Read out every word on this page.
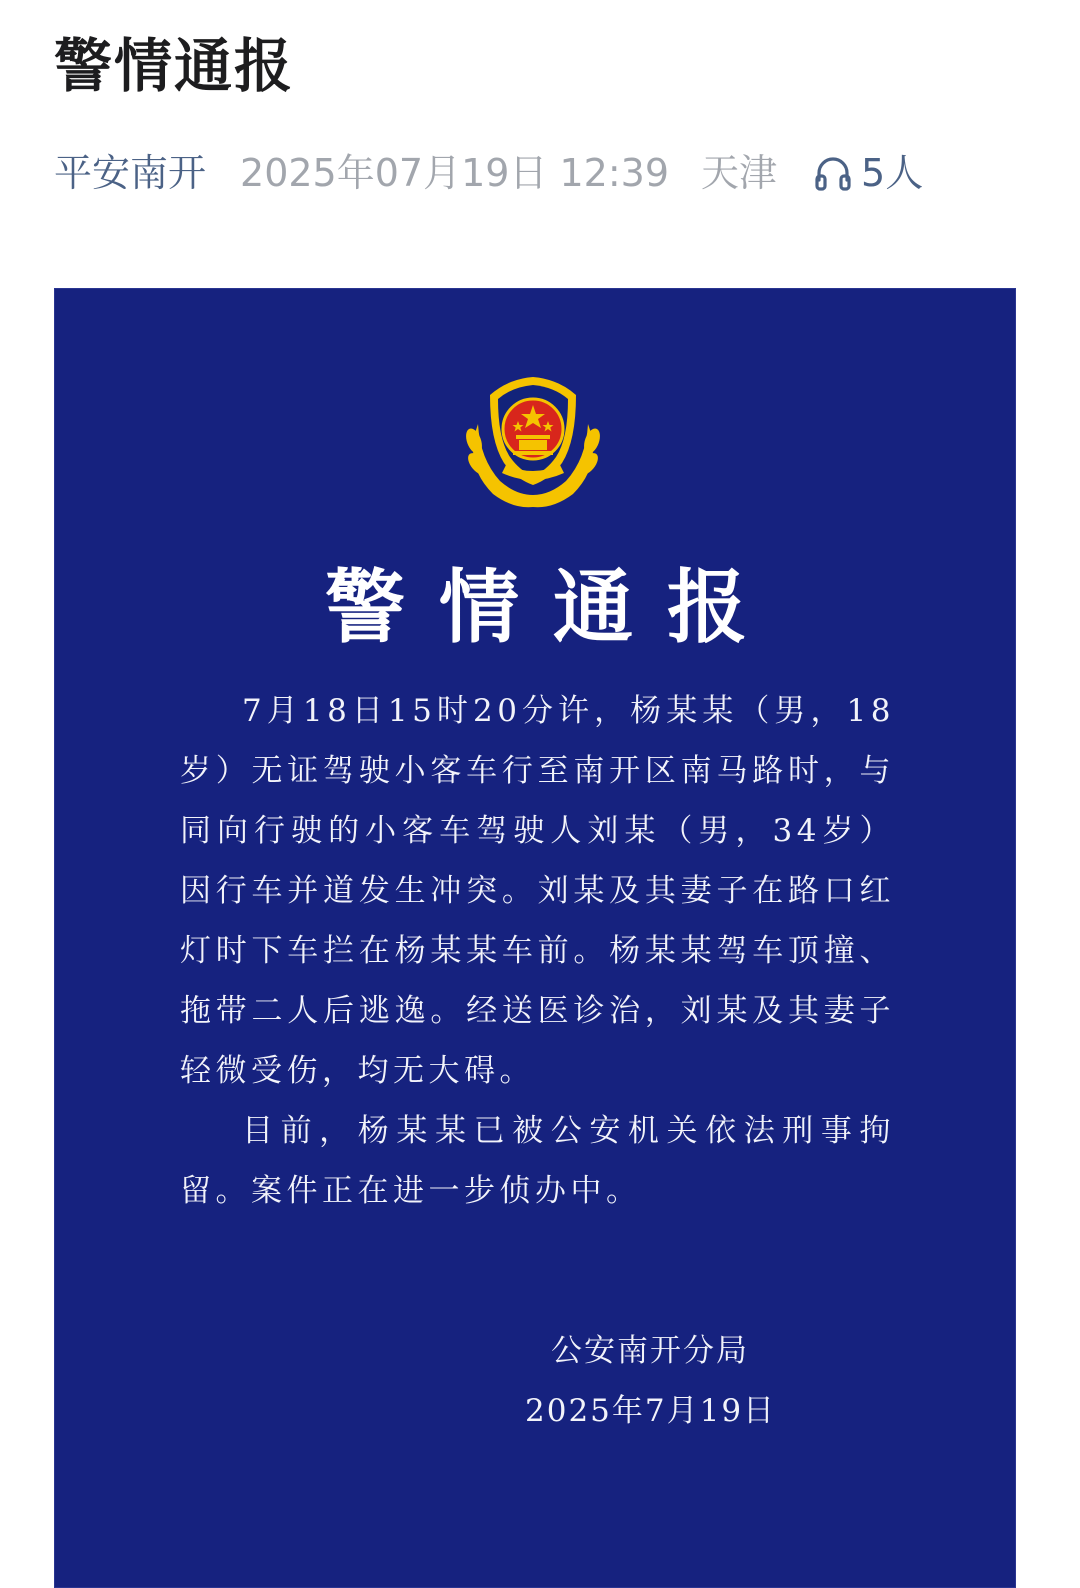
警情通报
平安南开 2025年07月19日 12:39 天津 5人
警情通报

7月18日15时20分许，杨某某（男，18岁）无证驾驶小客车行至南开区南马路时，与同向行驶的小客车驾驶人刘某（男，34岁）因行车并道发生冲突。刘某及其妻子在路口红灯时下车拦在杨某某车前。杨某某驾车顶撞、拖带二人后逃逸。经送医诊治，刘某及其妻子轻微受伤，均无大碍。

目前，杨某某已被公安机关依法刑事拘留。案件正在进一步侦办中。

公安南开分局
2025年7月19日
